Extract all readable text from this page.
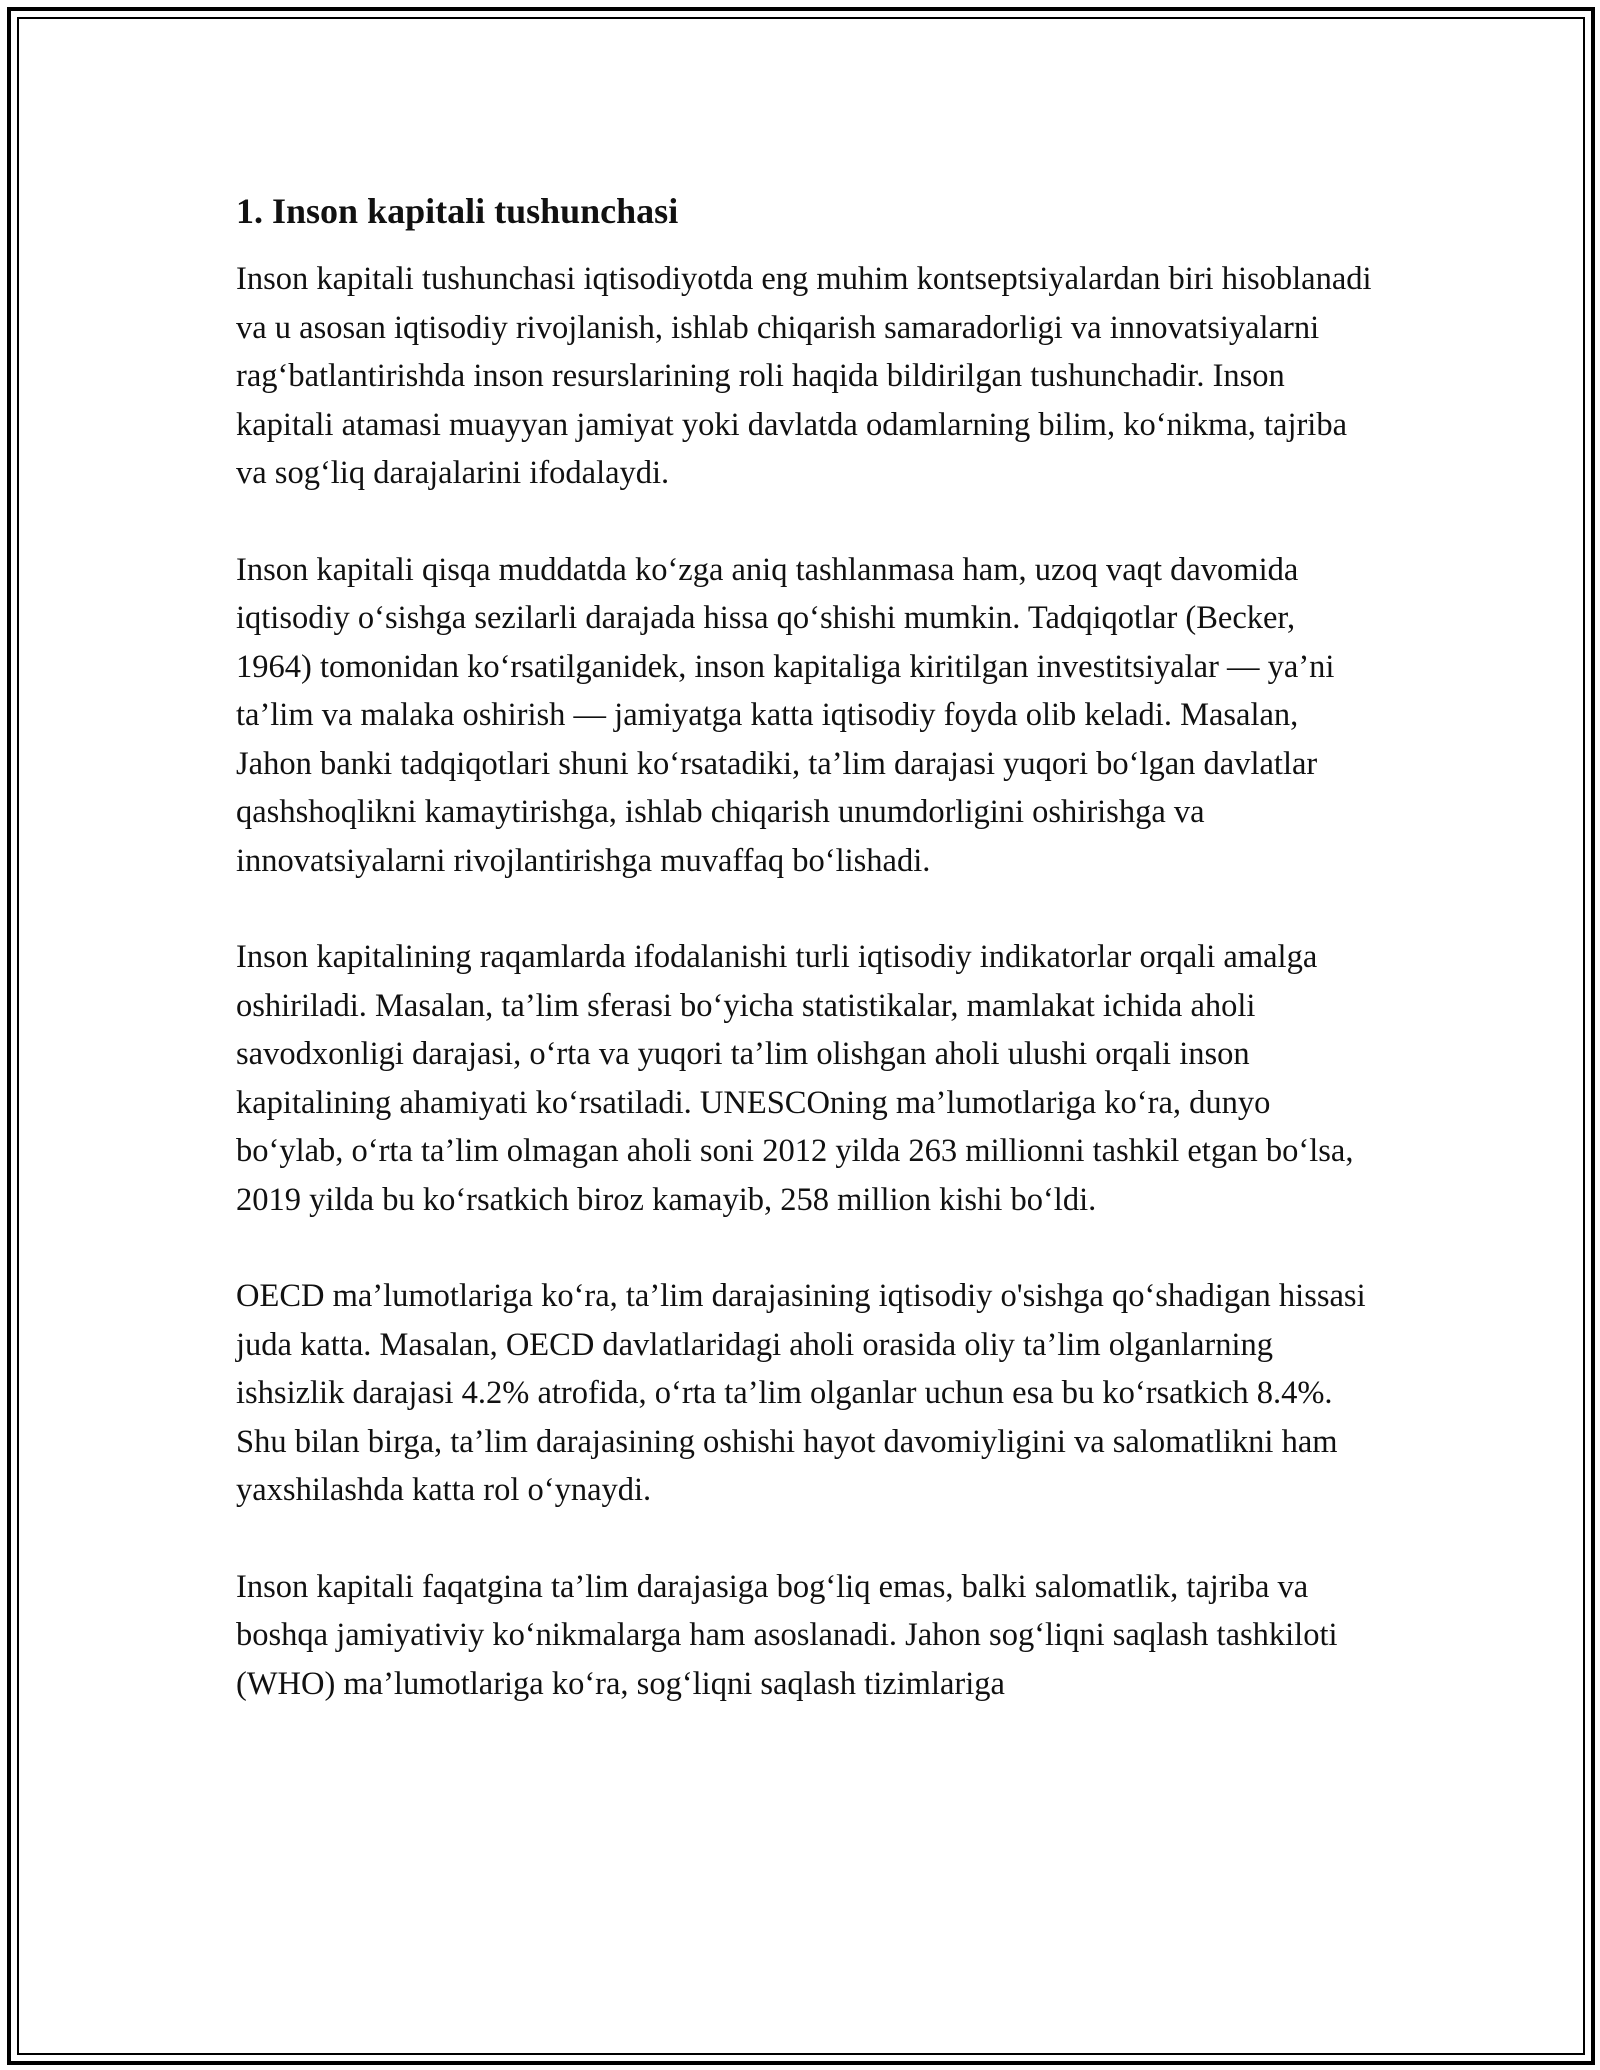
1. Inson kapitali tushunchasi

Inson kapitali tushunchasi iqtisodiyotda eng muhim kontseptsiyalardan biri hisoblanadi va u asosan iqtisodiy rivojlanish, ishlab chiqarish samaradorligi va innovatsiyalarni rag‘batlantirishda inson resurslarining roli haqida bildirilgan tushunchadir. Inson kapitali atamasi muayyan jamiyat yoki davlatda odamlarning bilim, ko‘nikma, tajriba va sog‘liq darajalarini ifodalaydi.

Inson kapitali qisqa muddatda ko‘zga aniq tashlanmasa ham, uzoq vaqt davomida iqtisodiy o‘sishga sezilarli darajada hissa qo‘shishi mumkin. Tadqiqotlar (Becker, 1964) tomonidan ko‘rsatilganidek, inson kapitaliga kiritilgan investitsiyalar — ya’ni ta’lim va malaka oshirish — jamiyatga katta iqtisodiy foyda olib keladi. Masalan, Jahon banki tadqiqotlari shuni ko‘rsatadiki, ta’lim darajasi yuqori bo‘lgan davlatlar qashshoqlikni kamaytirishga, ishlab chiqarish unumdorligini oshirishga va innovatsiyalarni rivojlantirishga muvaffaq bo‘lishadi.

Inson kapitalining raqamlarda ifodalanishi turli iqtisodiy indikatorlar orqali amalga oshiriladi. Masalan, ta’lim sferasi bo‘yicha statistikalar, mamlakat ichida aholi savodxonligi darajasi, o‘rta va yuqori ta’lim olishgan aholi ulushi orqali inson kapitalining ahamiyati ko‘rsatiladi. UNESCOning ma’lumotlariga ko‘ra, dunyo bo‘ylab, o‘rta ta’lim olmagan aholi soni 2012 yilda 263 millionni tashkil etgan bo‘lsa, 2019 yilda bu ko‘rsatkich biroz kamayib, 258 million kishi bo‘ldi.

OECD ma’lumotlariga ko‘ra, ta’lim darajasining iqtisodiy o'sishga qo‘shadigan hissasi juda katta. Masalan, OECD davlatlaridagi aholi orasida oliy ta’lim olganlarning ishsizlik darajasi 4.2% atrofida, o‘rta ta’lim olganlar uchun esa bu ko‘rsatkich 8.4%. Shu bilan birga, ta’lim darajasining oshishi hayot davomiyligini va salomatlikni ham yaxshilashda katta rol o‘ynaydi.

Inson kapitali faqatgina ta’lim darajasiga bog‘liq emas, balki salomatlik, tajriba va boshqa jamiyativiy ko‘nikmalarga ham asoslanadi. Jahon sog‘liqni saqlash tashkiloti (WHO) ma’lumotlariga ko‘ra, sog‘liqni saqlash tizimlariga
